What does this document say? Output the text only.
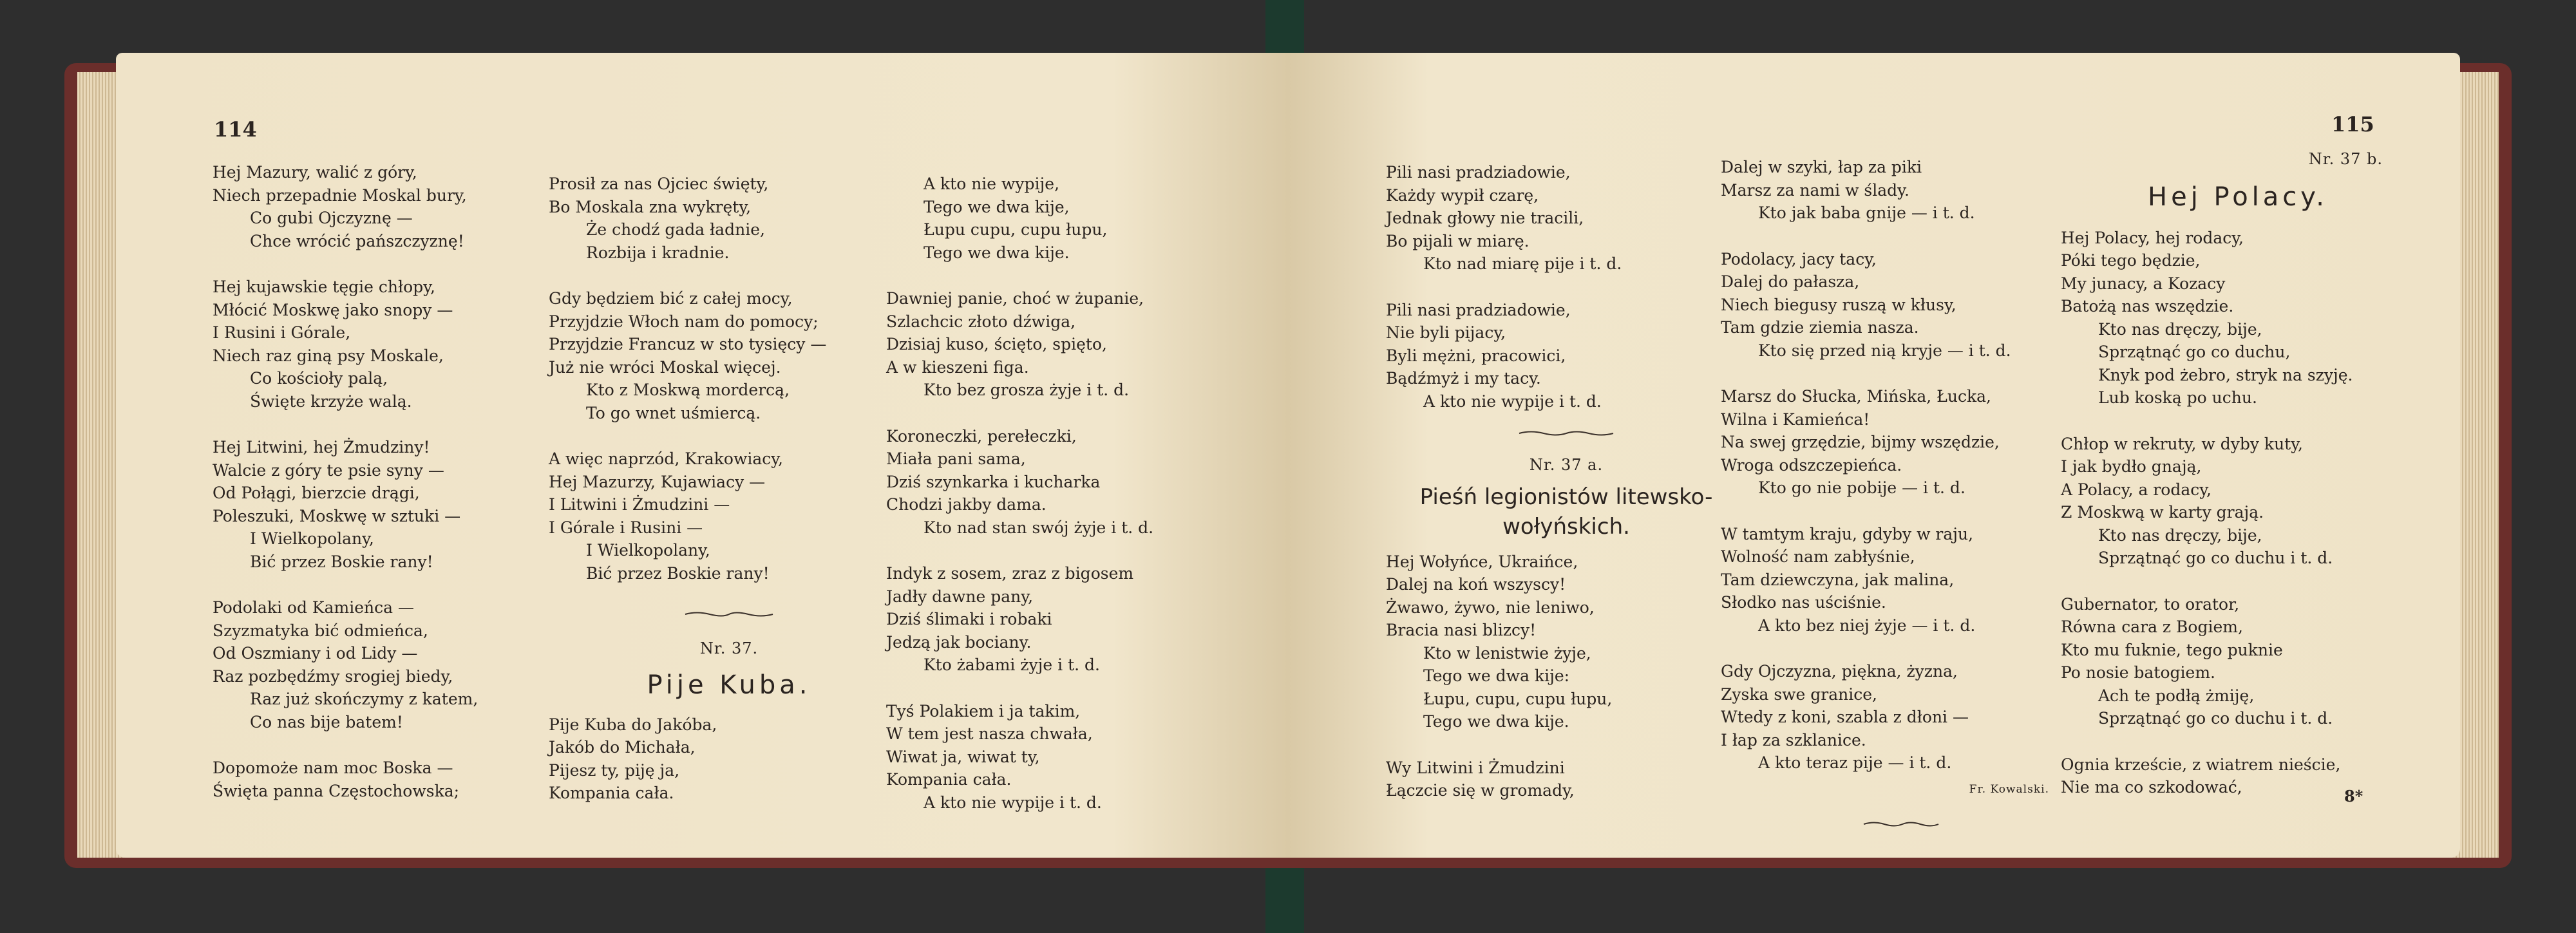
114
Hej Mazury, walić z góry,
Niech przepadnie Moskal bury,
Co gubi Ojczyznę —
Chce wrócić pańszczyznę!
Hej kujawskie tęgie chłopy,
Młócić Moskwę jako snopy —
I Rusini i Górale,
Niech raz giną psy Moskale,
Co kościoły palą,
Święte krzyże walą.
Hej Litwini, hej Żmudziny!
Walcie z góry te psie syny —
Od Połągi, bierzcie drągi,
Poleszuki, Moskwę w sztuki —
I Wielkopolany,
Bić przez Boskie rany!
Podolaki od Kamieńca —
Szyzmatyka bić odmieńca,
Od Oszmiany i od Lidy —
Raz pozbędźmy srogiej biedy,
Raz już skończymy z katem,
Co nas bije batem!
Dopomoże nam moc Boska —
Święta panna Częstochowska;
Prosił za nas Ojciec święty,
Bo Moskala zna wykręty,
Że chodź gada ładnie,
Rozbija i kradnie.
Gdy będziem bić z całej mocy,
Przyjdzie Włoch nam do pomocy;
Przyjdzie Francuz w sto tysięcy —
Już nie wróci Moskal więcej.
Kto z Moskwą mordercą,
To go wnet uśmiercą.
A więc naprzód, Krakowiacy,
Hej Mazurzy, Kujawiacy —
I Litwini i Żmudzini —
I Górale i Rusini —
I Wielkopolany,
Bić przez Boskie rany!
Nr. 37.
Pije Kuba.
Pije Kuba do Jakóba,
Jakób do Michała,
Pijesz ty, piję ja,
Kompania cała.
A kto nie wypije,
Tego we dwa kije,
Łupu cupu, cupu łupu,
Tego we dwa kije.
Dawniej panie, choć w żupanie,
Szlachcic złoto dźwiga,
Dzisiaj kuso, ścięto, spięto,
A w kieszeni figa.
Kto bez grosza żyje i t. d.
Koroneczki, perełeczki,
Miała pani sama,
Dziś szynkarka i kucharka
Chodzi jakby dama.
Kto nad stan swój żyje i t. d.
Indyk z sosem, zraz z bigosem
Jadły dawne pany,
Dziś ślimaki i robaki
Jedzą jak bociany.
Kto żabami żyje i t. d.
Tyś Polakiem i ja takim,
W tem jest nasza chwała,
Wiwat ja, wiwat ty,
Kompania cała.
A kto nie wypije i t. d.
115
Pili nasi pradziadowie,
Każdy wypił czarę,
Jednak głowy nie tracili,
Bo pijali w miarę.
Kto nad miarę pije i t. d.
Pili nasi pradziadowie,
Nie byli pijacy,
Byli mężni, pracowici,
Bądźmyż i my tacy.
A kto nie wypije i t. d.
Nr. 37 a.
Pieśń legionistów litewsko-
wołyńskich.
Hej Wołyńce, Ukraińce,
Dalej na koń wszyscy!
Żwawo, żywo, nie leniwo,
Bracia nasi blizcy!
Kto w lenistwie żyje,
Tego we dwa kije:
Łupu, cupu, cupu łupu,
Tego we dwa kije.
Wy Litwini i Żmudzini
Łączcie się w gromady,
Dalej w szyki, łap za piki
Marsz za nami w ślady.
Kto jak baba gnije — i t. d.
Podolacy, jacy tacy,
Dalej do pałasza,
Niech biegusy ruszą w kłusy,
Tam gdzie ziemia nasza.
Kto się przed nią kryje — i t. d.
Marsz do Słucka, Mińska, Łucka,
Wilna i Kamieńca!
Na swej grzędzie, bijmy wszędzie,
Wroga odszczepieńca.
Kto go nie pobije — i t. d.
W tamtym kraju, gdyby w raju,
Wolność nam zabłyśnie,
Tam dziewczyna, jak malina,
Słodko nas uściśnie.
A kto bez niej żyje — i t. d.
Gdy Ojczyzna, piękna, żyzna,
Zyska swe granice,
Wtedy z koni, szabla z dłoni —
I łap za szklanice.
A kto teraz pije — i t. d.
Fr. Kowalski.
Nr. 37 b.
Hej Polacy.
Hej Polacy, hej rodacy,
Póki tego będzie,
My junacy, a Kozacy
Batożą nas wszędzie.
Kto nas dręczy, bije,
Sprzątnąć go co duchu,
Knyk pod żebro, stryk na szyję.
Lub koską po uchu.
Chłop w rekruty, w dyby kuty,
I jak bydło gnają,
A Polacy, a rodacy,
Z Moskwą w karty grają.
Kto nas dręczy, bije,
Sprzątnąć go co duchu i t. d.
Gubernator, to orator,
Równa cara z Bogiem,
Kto mu fuknie, tego puknie
Po nosie batogiem.
Ach te podłą żmiję,
Sprzątnąć go co duchu i t. d.
Ognia krzeście, z wiatrem nieście,
Nie ma co szkodować,	8*
